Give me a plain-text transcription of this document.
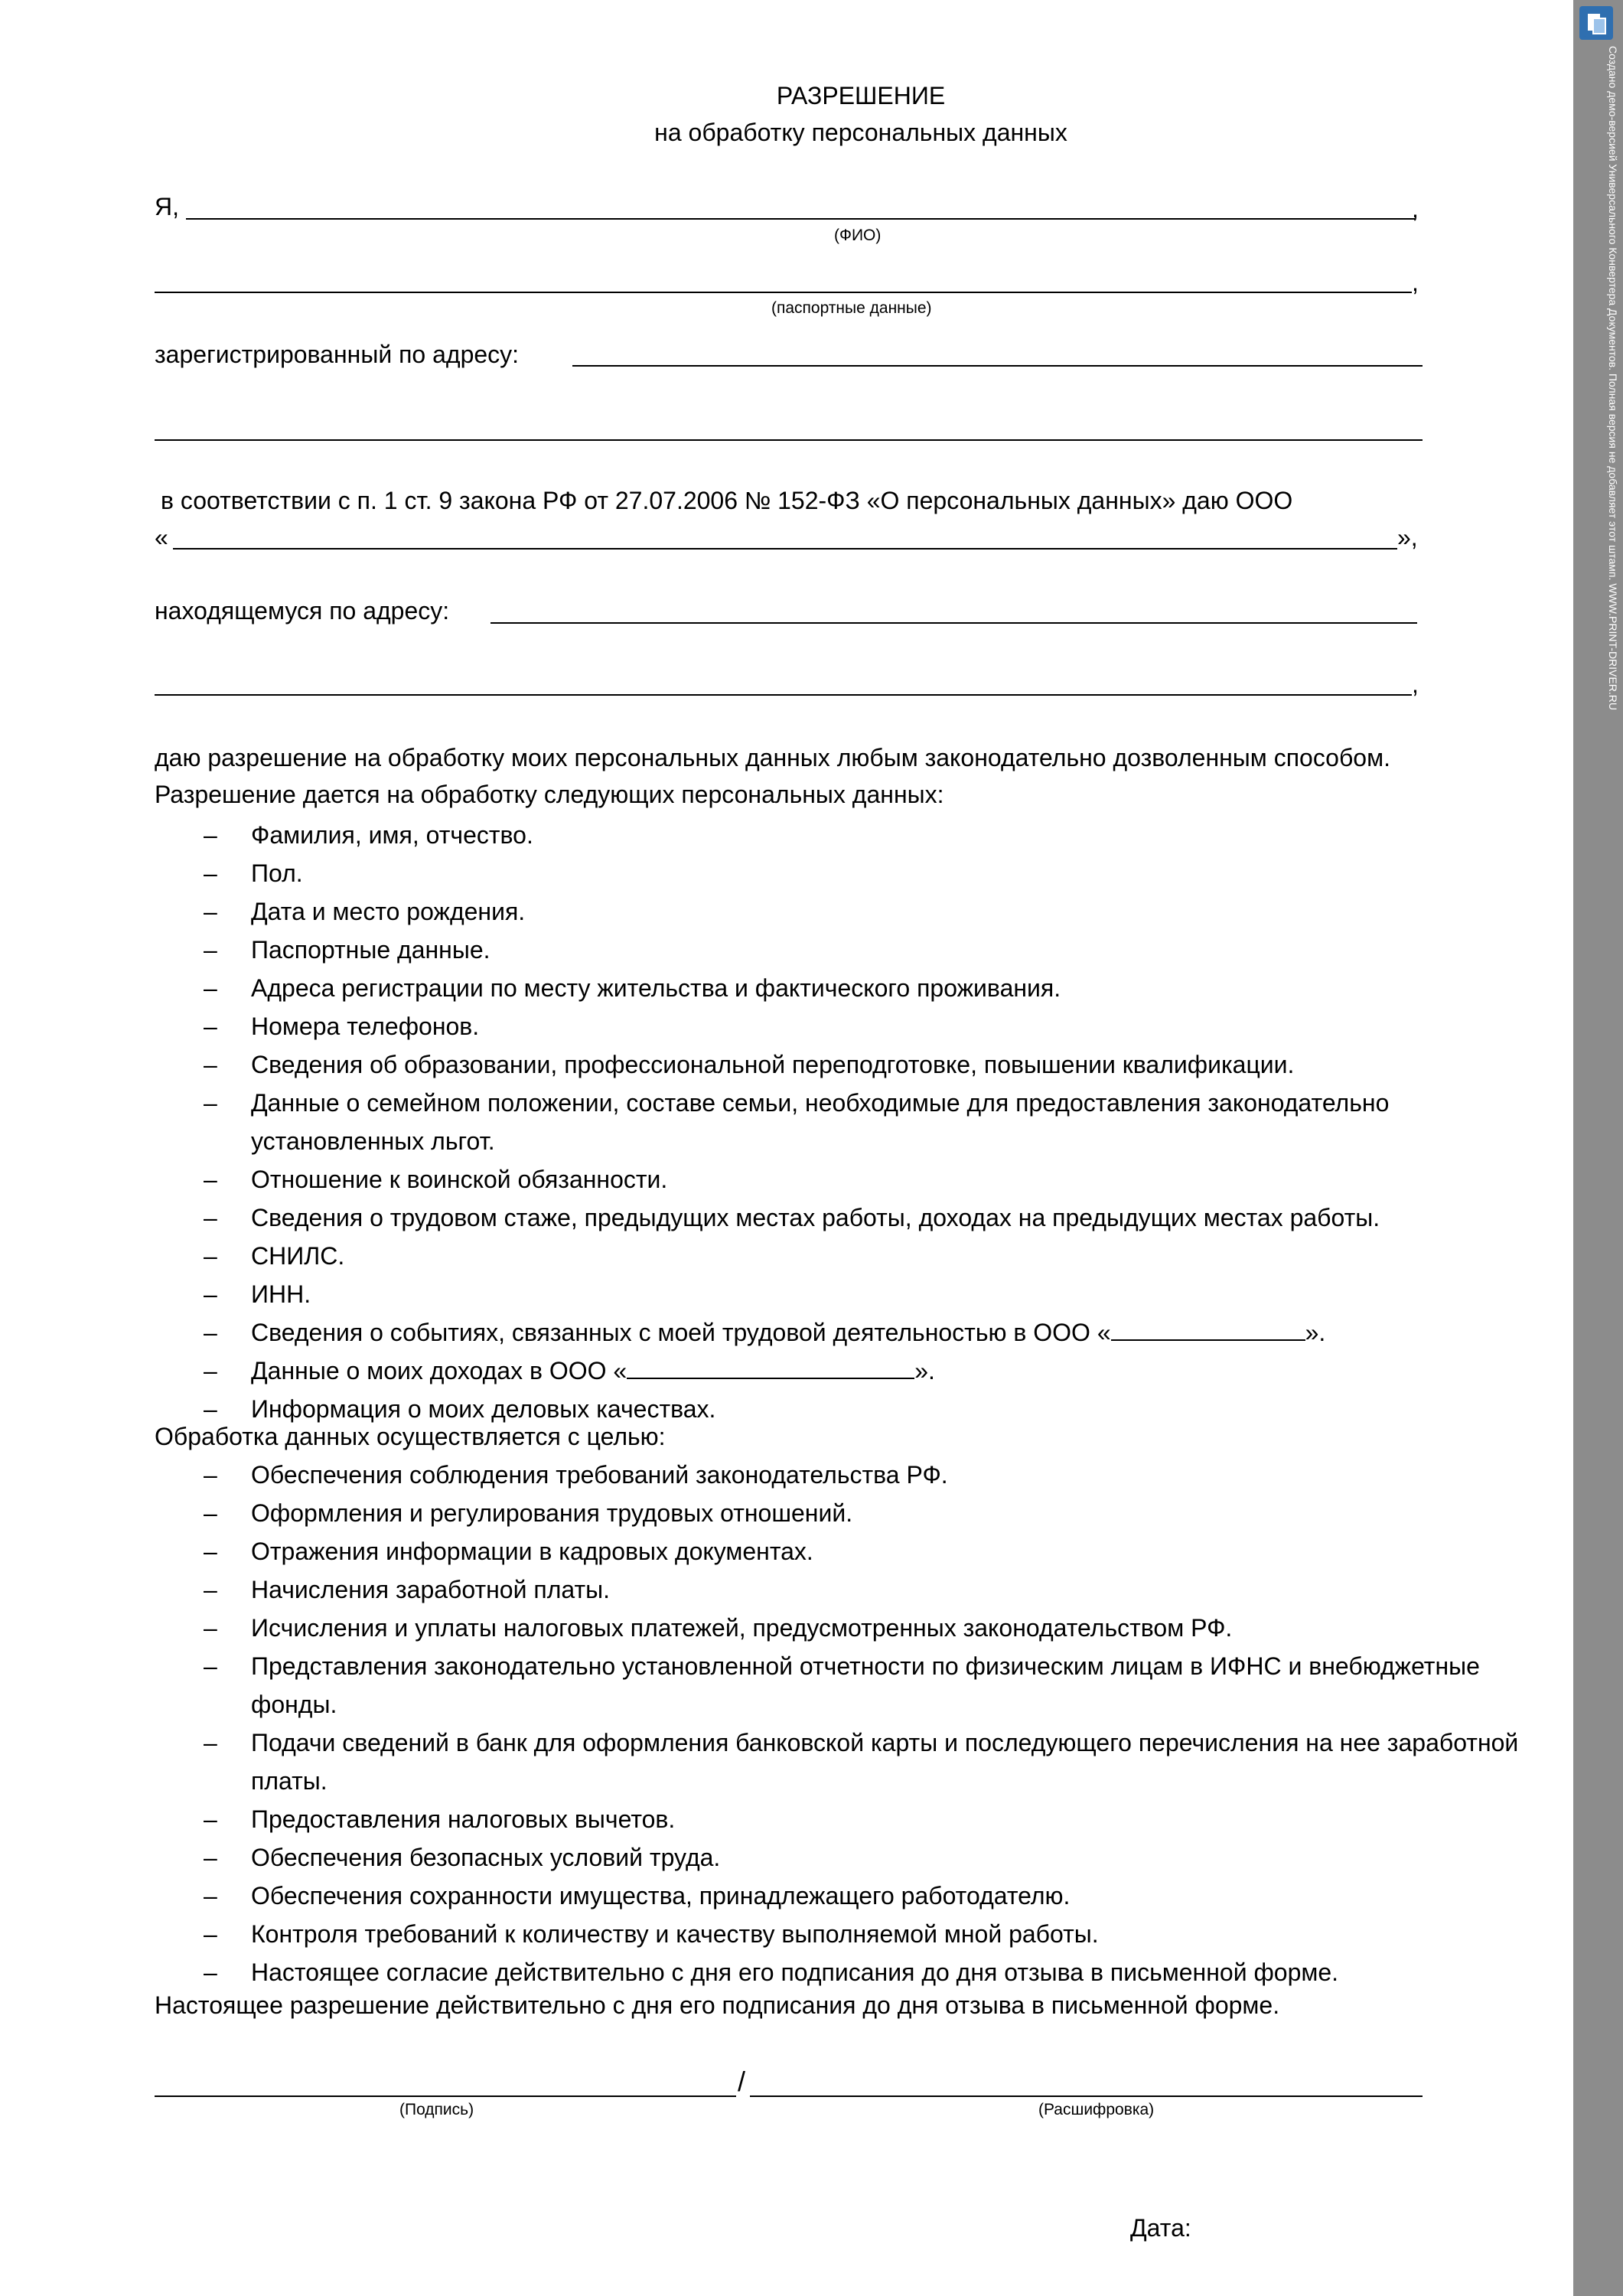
РАЗРЕШЕНИЕ
на обработку персональных данных
Я,	,
(ФИО)
,
(паспортные данные)
зарегистрированный по адресу:
в соответствии с п. 1 ст. 9 закона РФ от 27.07.2006 № 152-ФЗ «О персональных данных» даю ООО
«	»,
находящемуся по адресу:
,
даю разрешение на обработку моих персональных данных любым законодательно дозволенным способом.
Разрешение дается на обработку следующих персональных данных:
– Фамилия, имя, отчество.
– Пол.
– Дата и место рождения.
– Паспортные данные.
– Адреса регистрации по месту жительства и фактического проживания.
– Номера телефонов.
– Сведения об образовании, профессиональной переподготовке, повышении квалификации.
– Данные о семейном положении, составе семьи, необходимые для предоставления законодательно установленных льгот.
– Отношение к воинской обязанности.
– Сведения о трудовом стаже, предыдущих местах работы, доходах на предыдущих местах работы.
– СНИЛС.
– ИНН.
– Сведения о событиях, связанных с моей трудовой деятельностью в ООО «	».
– Данные о моих доходах в ООО «	».
– Информация о моих деловых качествах.
Обработка данных осуществляется с целью:
– Обеспечения соблюдения требований законодательства РФ.
– Оформления и регулирования трудовых отношений.
– Отражения информации в кадровых документах.
– Начисления заработной платы.
– Исчисления и уплаты налоговых платежей, предусмотренных законодательством РФ.
– Представления законодательно установленной отчетности по физическим лицам в ИФНС и внебюджетные фонды.
– Подачи сведений в банк для оформления банковской карты и последующего перечисления на нее заработной платы.
– Предоставления налоговых вычетов.
– Обеспечения безопасных условий труда.
– Обеспечения сохранности имущества, принадлежащего работодателю.
– Контроля требований к количеству и качеству выполняемой мной работы.
– Настоящее согласие действительно с дня его подписания до дня отзыва в письменной форме.
Настоящее разрешение действительно с дня его подписания до дня отзыва в письменной форме.
/
(Подпись)	(Расшифровка)
Дата:
Создано демо-версией Универсального Конвертера Документов. Полная версия не добавляет этот штамп. WWW.PRINT-DRIVER.RU
